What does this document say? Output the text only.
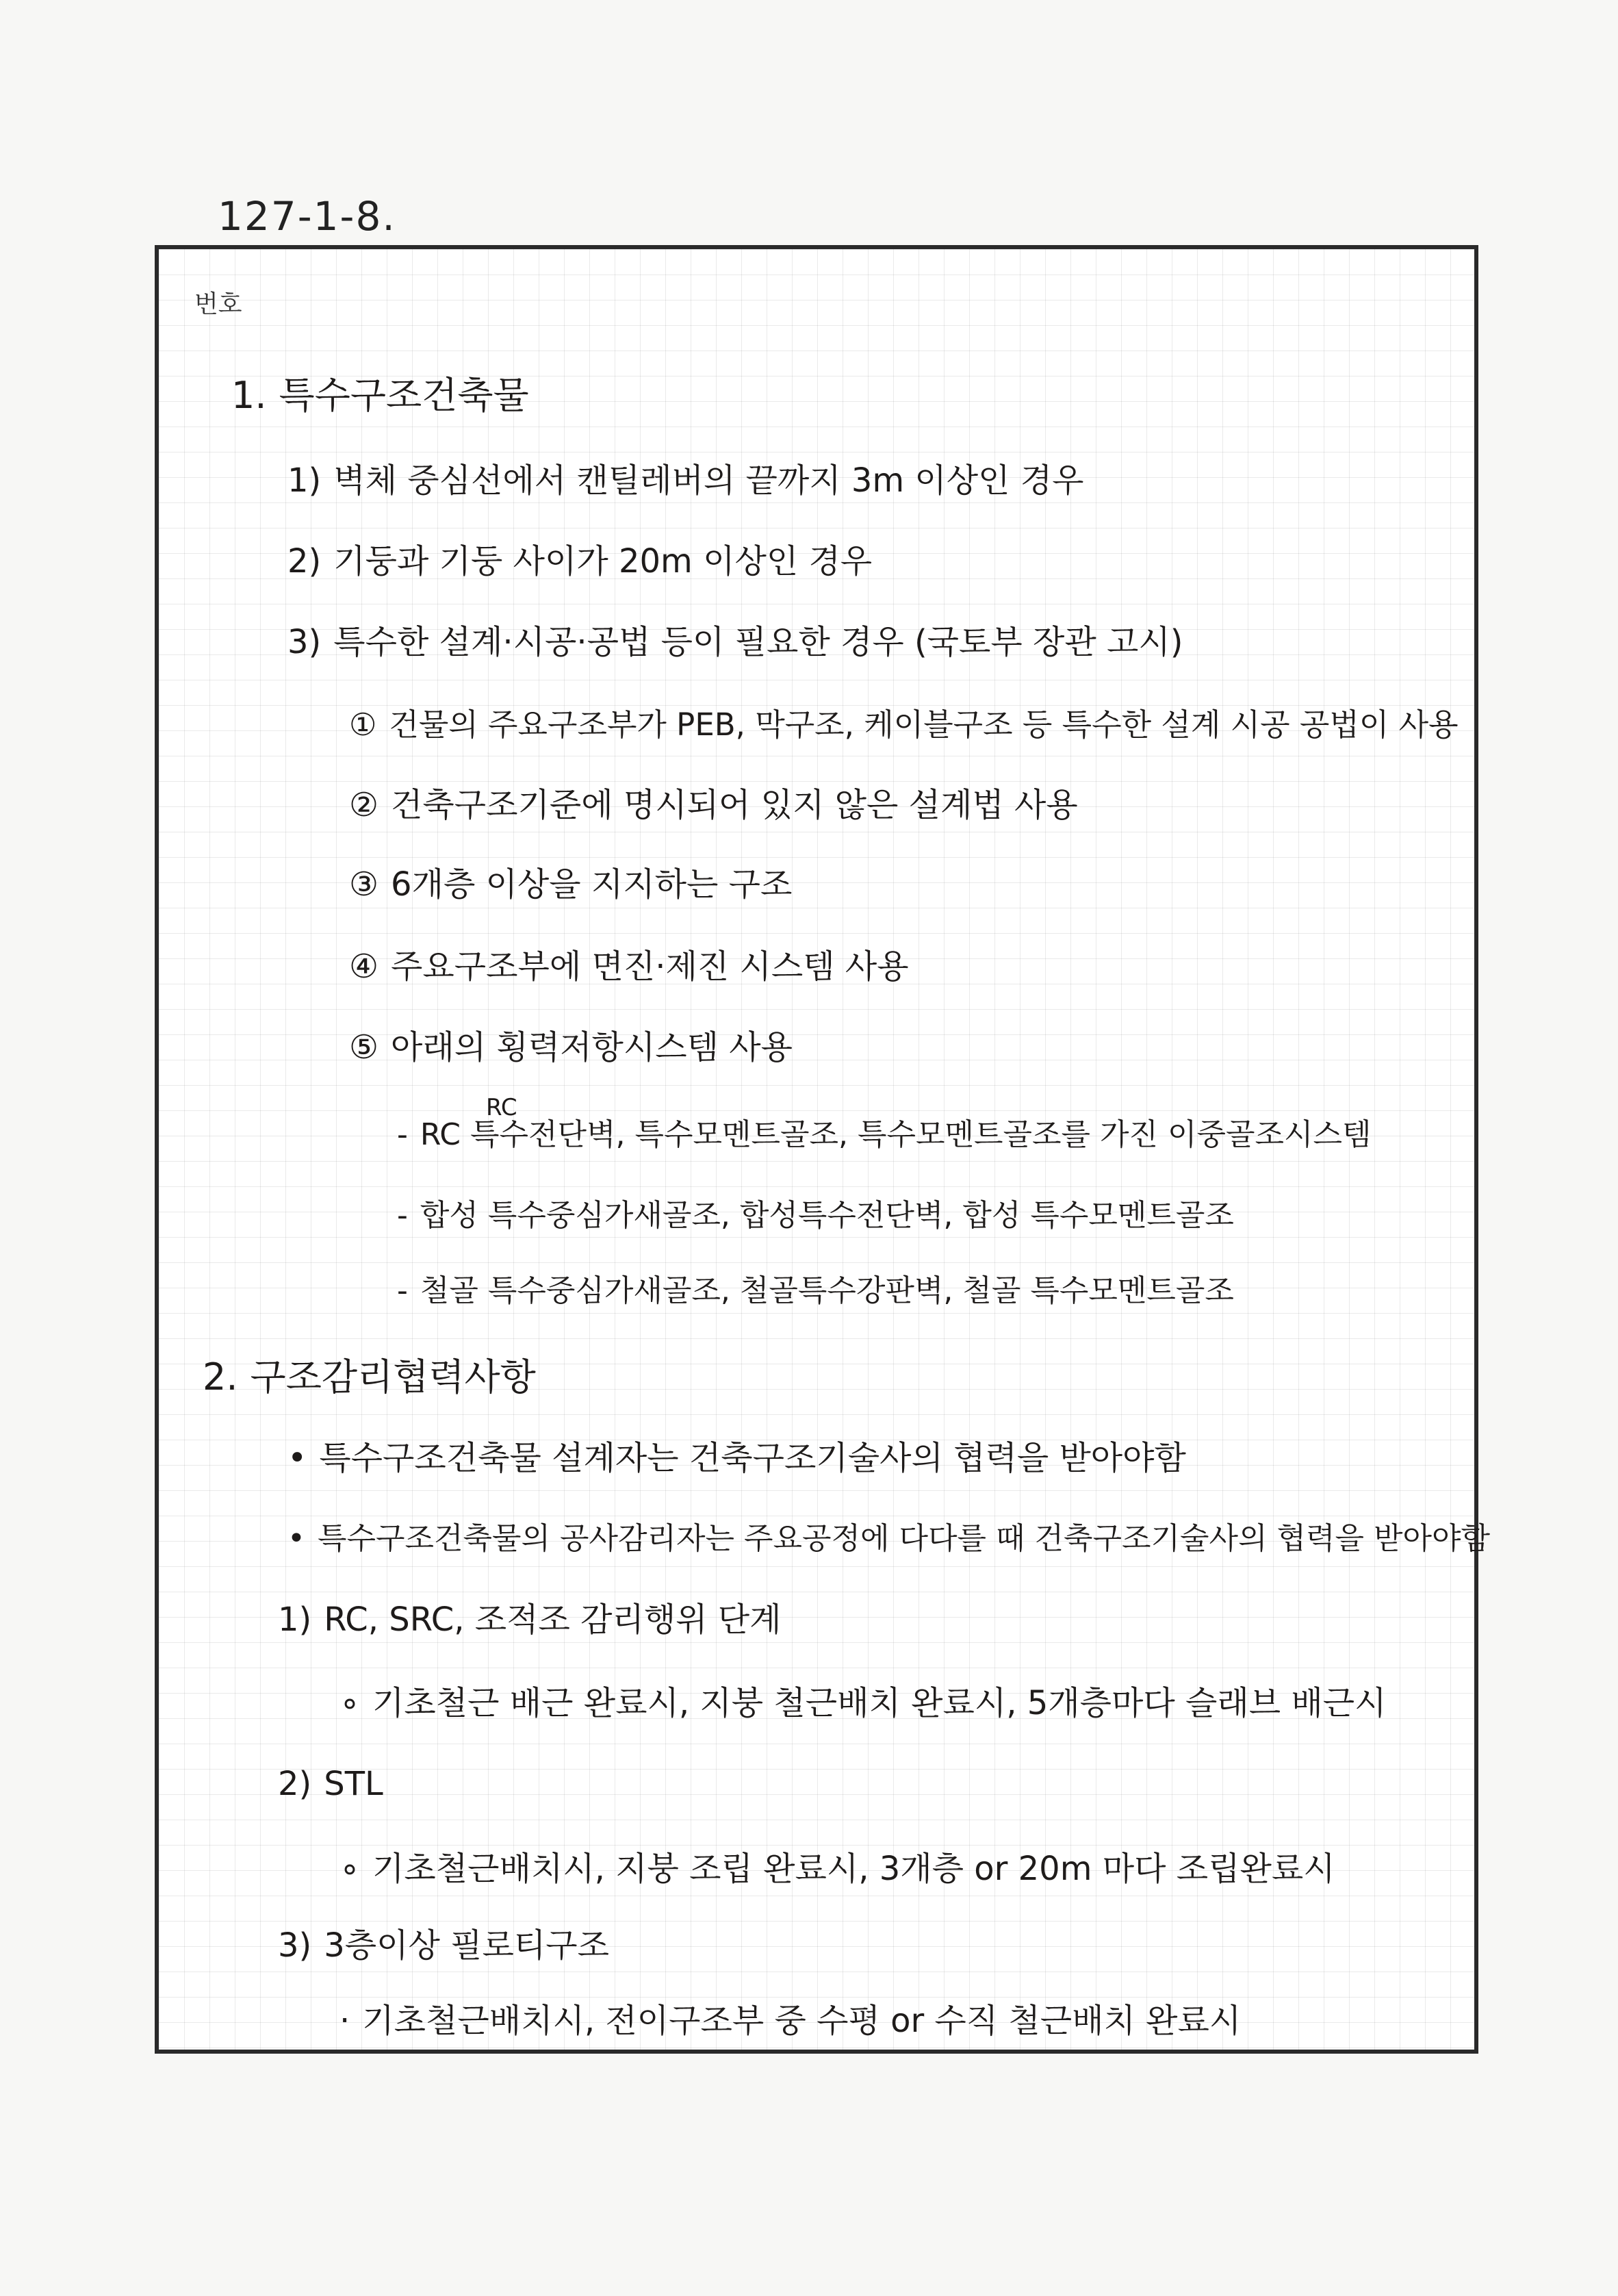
127-1-8.
번호
1. 특수구조건축물
1) 벽체 중심선에서 캔틸레버의 끝까지 3m 이상인 경우
2) 기둥과 기둥 사이가 20m 이상인 경우
3) 특수한 설계·시공·공법 등이 필요한 경우 (국토부 장관 고시)
① 건물의 주요구조부가 PEB, 막구조, 케이블구조 등 특수한 설계 시공 공법이 사용
② 건축구조기준에 명시되어 있지 않은 설계법 사용
③ 6개층 이상을 지지하는 구조
④ 주요구조부에 면진·제진 시스템 사용
⑤ 아래의 횡력저항시스템 사용
RC
- RC 특수전단벽, 특수모멘트골조, 특수모멘트골조를 가진 이중골조시스템
- 합성 특수중심가새골조, 합성특수전단벽, 합성 특수모멘트골조
- 철골 특수중심가새골조, 철골특수강판벽, 철골 특수모멘트골조
2. 구조감리협력사항
• 특수구조건축물 설계자는 건축구조기술사의 협력을 받아야함
• 특수구조건축물의 공사감리자는 주요공정에 다다를 때 건축구조기술사의 협력을 받아야함
1) RC, SRC, 조적조 감리행위 단계
∘ 기초철근 배근 완료시, 지붕 철근배치 완료시, 5개층마다 슬래브 배근시
2) STL
∘ 기초철근배치시, 지붕 조립 완료시, 3개층 or 20m 마다 조립완료시
3) 3층이상 필로티구조
· 기초철근배치시, 전이구조부 중 수평 or 수직 철근배치 완료시
